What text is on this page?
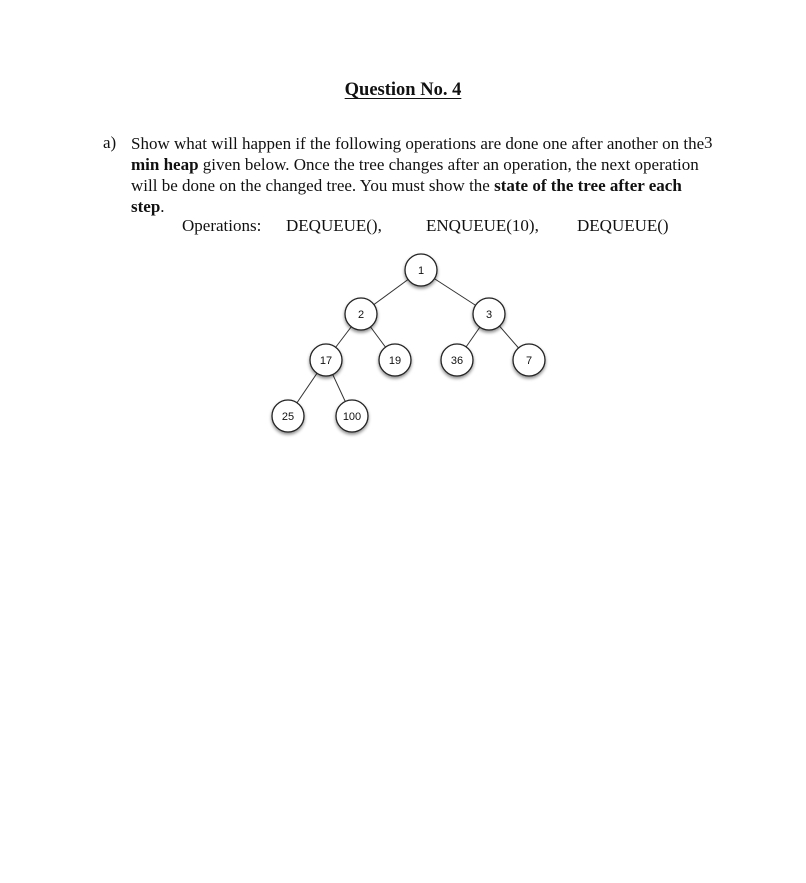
Question No. 4
a) Show what will happen if the following operations are done one after another on the min heap given below. Once the tree changes after an operation, the next operation will be done on the changed tree. You must show the state of the tree after each step.
3
Operations: DEQUEUE(),	ENQUEUE(10), DEQUEUE()
1
2	3
17	19	36	7
25	100
